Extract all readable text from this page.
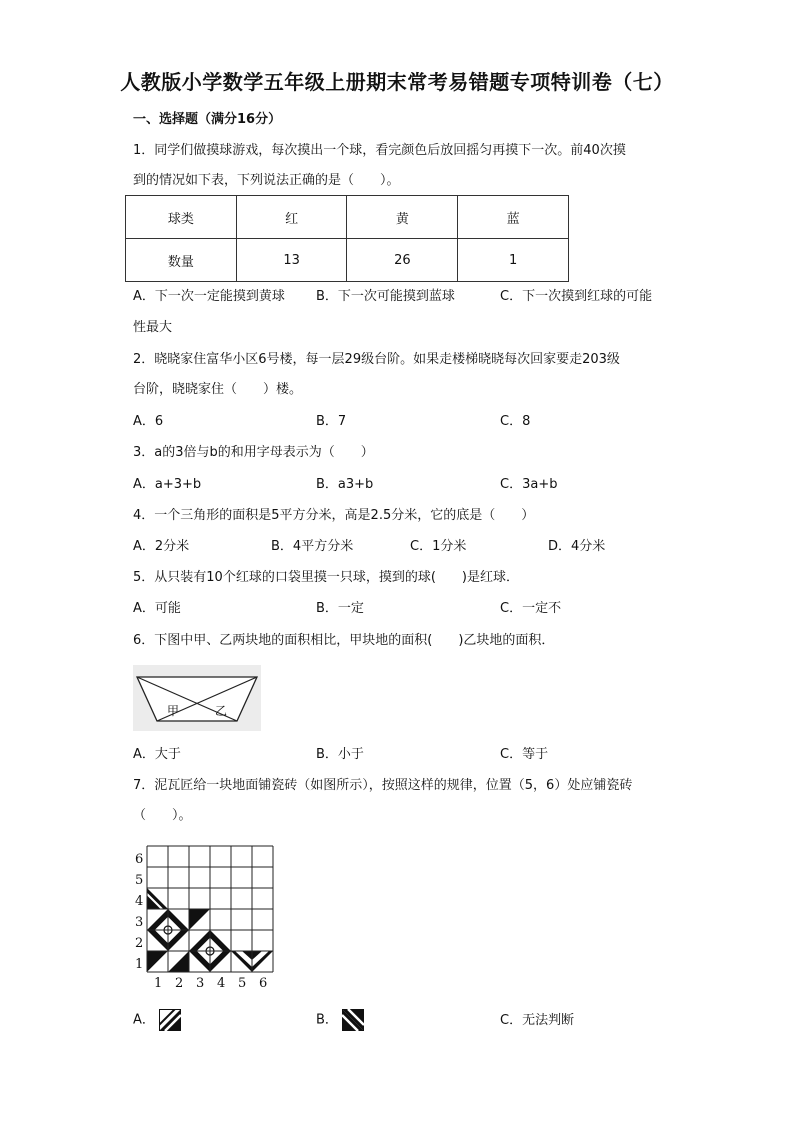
人教版小学数学五年级上册期末常考易错题专项特训卷（七）
一、选择题（满分16分）
1．同学们做摸球游戏，每次摸出一个球，看完颜色后放回摇匀再摸下一次。前40次摸
到的情况如下表，下列说法正确的是（　　）。
球类	红	黄	蓝
数量	13	26	1
A．下一次一定能摸到黄球 B．下一次可能摸到蓝球	C．下一次摸到红球的可能
性最大
2．晓晓家住富华小区6号楼，每一层29级台阶。如果走楼梯晓晓每次回家要走203级
台阶，晓晓家住（　　）楼。
A．6	B．7	C．8
3．a的3倍与b的和用字母表示为（　　）
A．a+3+b	B．a3+b	C．3a+b
4．一个三角形的面积是5平方分米，高是2.5分米，它的底是（　　）
A．2分米	B．4平方分米	C．1分米	D．4分米
5．从只装有10个红球的口袋里摸一只球，摸到的球(　　)是红球．
A．可能	B．一定	C．一定不
6．下图中甲、乙两块地的面积相比，甲块地的面积(　　)乙块地的面积．
甲	乙
A．大于	B．小于	C．等于
7．泥瓦匠给一块地面铺瓷砖（如图所示），按照这样的规律，位置（5，6）处应铺瓷砖
（　　）。
6
5
4
3
2
1
1 2 3 4 5 6
A．	B．	C．无法判断
